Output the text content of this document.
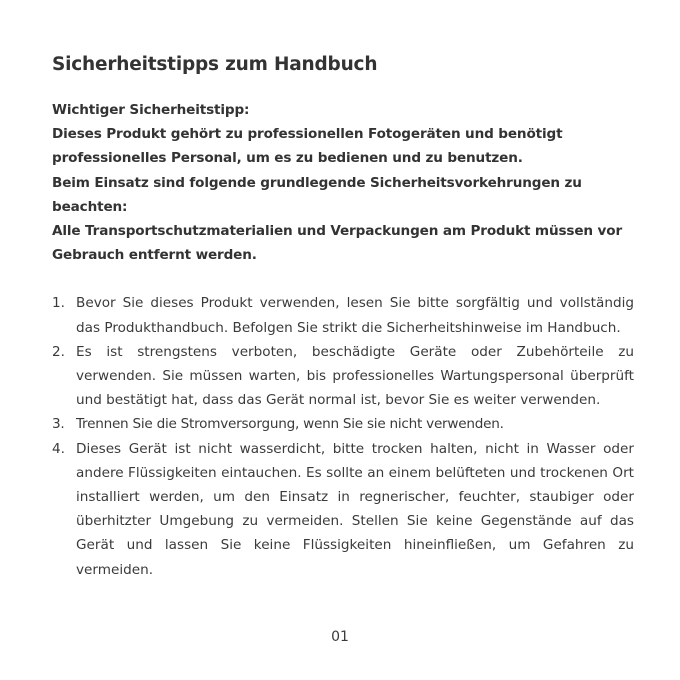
Sicherheitstipps zum Handbuch

Wichtiger Sicherheitstipp:

Dieses Produkt gehört zu professionellen Fotogeräten und benötigt professionelles Personal, um es zu bedienen und zu benutzen.

Beim Einsatz sind folgende grundlegende Sicherheitsvorkehrungen zu beachten:

Alle Transportschutzmaterialien und Verpackungen am Produkt müssen vor Gebrauch entfernt werden.

1. Bevor Sie dieses Produkt verwenden, lesen Sie bitte sorgfältig und vollständig das Produkthandbuch. Befolgen Sie strikt die Sicherheitshinweise im Handbuch.
2. Es ist strengstens verboten, beschädigte Geräte oder Zubehörteile zu verwenden. Sie müssen warten, bis professionelles Wartungspersonal überprüft und bestätigt hat, dass das Gerät normal ist, bevor Sie es weiter verwenden.
3. Trennen Sie die Stromversorgung, wenn Sie sie nicht verwenden.
4. Dieses Gerät ist nicht wasserdicht, bitte trocken halten, nicht in Wasser oder andere Flüssigkeiten eintauchen. Es sollte an einem belüfteten und trockenen Ort installiert werden, um den Einsatz in regnerischer, feuchter, staubiger oder überhitzter Umgebung zu vermeiden. Stellen Sie keine Gegenstände auf das Gerät und lassen Sie keine Flüssigkeiten hineinfließen, um Gefahren zu vermeiden.
01
